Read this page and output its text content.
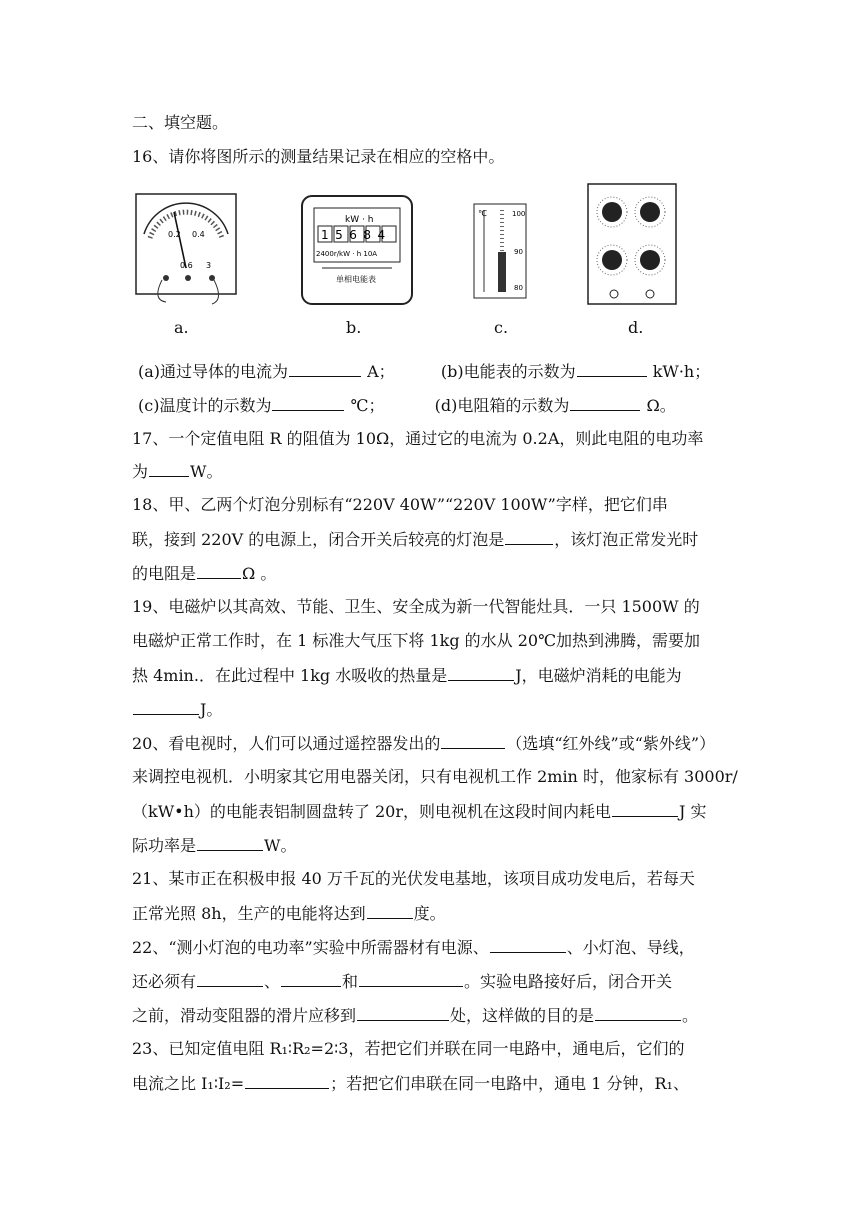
二、填空题。
16、请你将图所示的测量结果记录在相应的空格中。
0.2 0.4
0.6 3
a.
kW · h
15684
2400r/kW · h 10A
单相电能表
b.
100
90
80
℃
c.	d.
(a)通过导体的电流为	A；	(b)电能表的示数为	kW·h；
(c)温度计的示数为	℃；	(d)电阻箱的示数为	Ω。
17、一个定值电阻 R 的阻值为 10Ω，通过它的电流为 0.2A，则此电阻的电功率
为	W。
18、甲、乙两个灯泡分别标有“220V 40W”“220V 100W”字样，把它们串
联，接到 220V 的电源上，闭合开关后较亮的灯泡是	，该灯泡正常发光时
的电阻是	Ω 。
19、电磁炉以其高效、节能、卫生、安全成为新一代智能灶具．一只 1500W 的
电磁炉正常工作时，在 1 标准大气压下将 1kg 的水从 20℃加热到沸腾，需要加
热 4min.．在此过程中 1kg 水吸收的热量是	J，电磁炉消耗的电能为
J。
20、看电视时，人们可以通过遥控器发出的	（选填“红外线”或“紫外线”）
来调控电视机．小明家其它用电器关闭，只有电视机工作 2min 时，他家标有 3000r/
（kW•h）的电能表铝制圆盘转了 20r，则电视机在这段时间内耗电	J 实
际功率是	W。
21、某市正在积极申报 40 万千瓦的光伏发电基地，该项目成功发电后，若每天
正常光照 8h，生产的电能将达到	度。
22、“测小灯泡的电功率”实验中所需器材有电源、	、小灯泡、导线，
还必须有	、	和	。实验电路接好后，闭合开关
之前，滑动变阻器的滑片应移到	处，这样做的目的是	。
23、已知定值电阻 R₁∶R₂=2∶3，若把它们并联在同一电路中，通电后，它们的
电流之比 I₁∶I₂=	；若把它们串联在同一电路中，通电 1 分钟，R₁、
